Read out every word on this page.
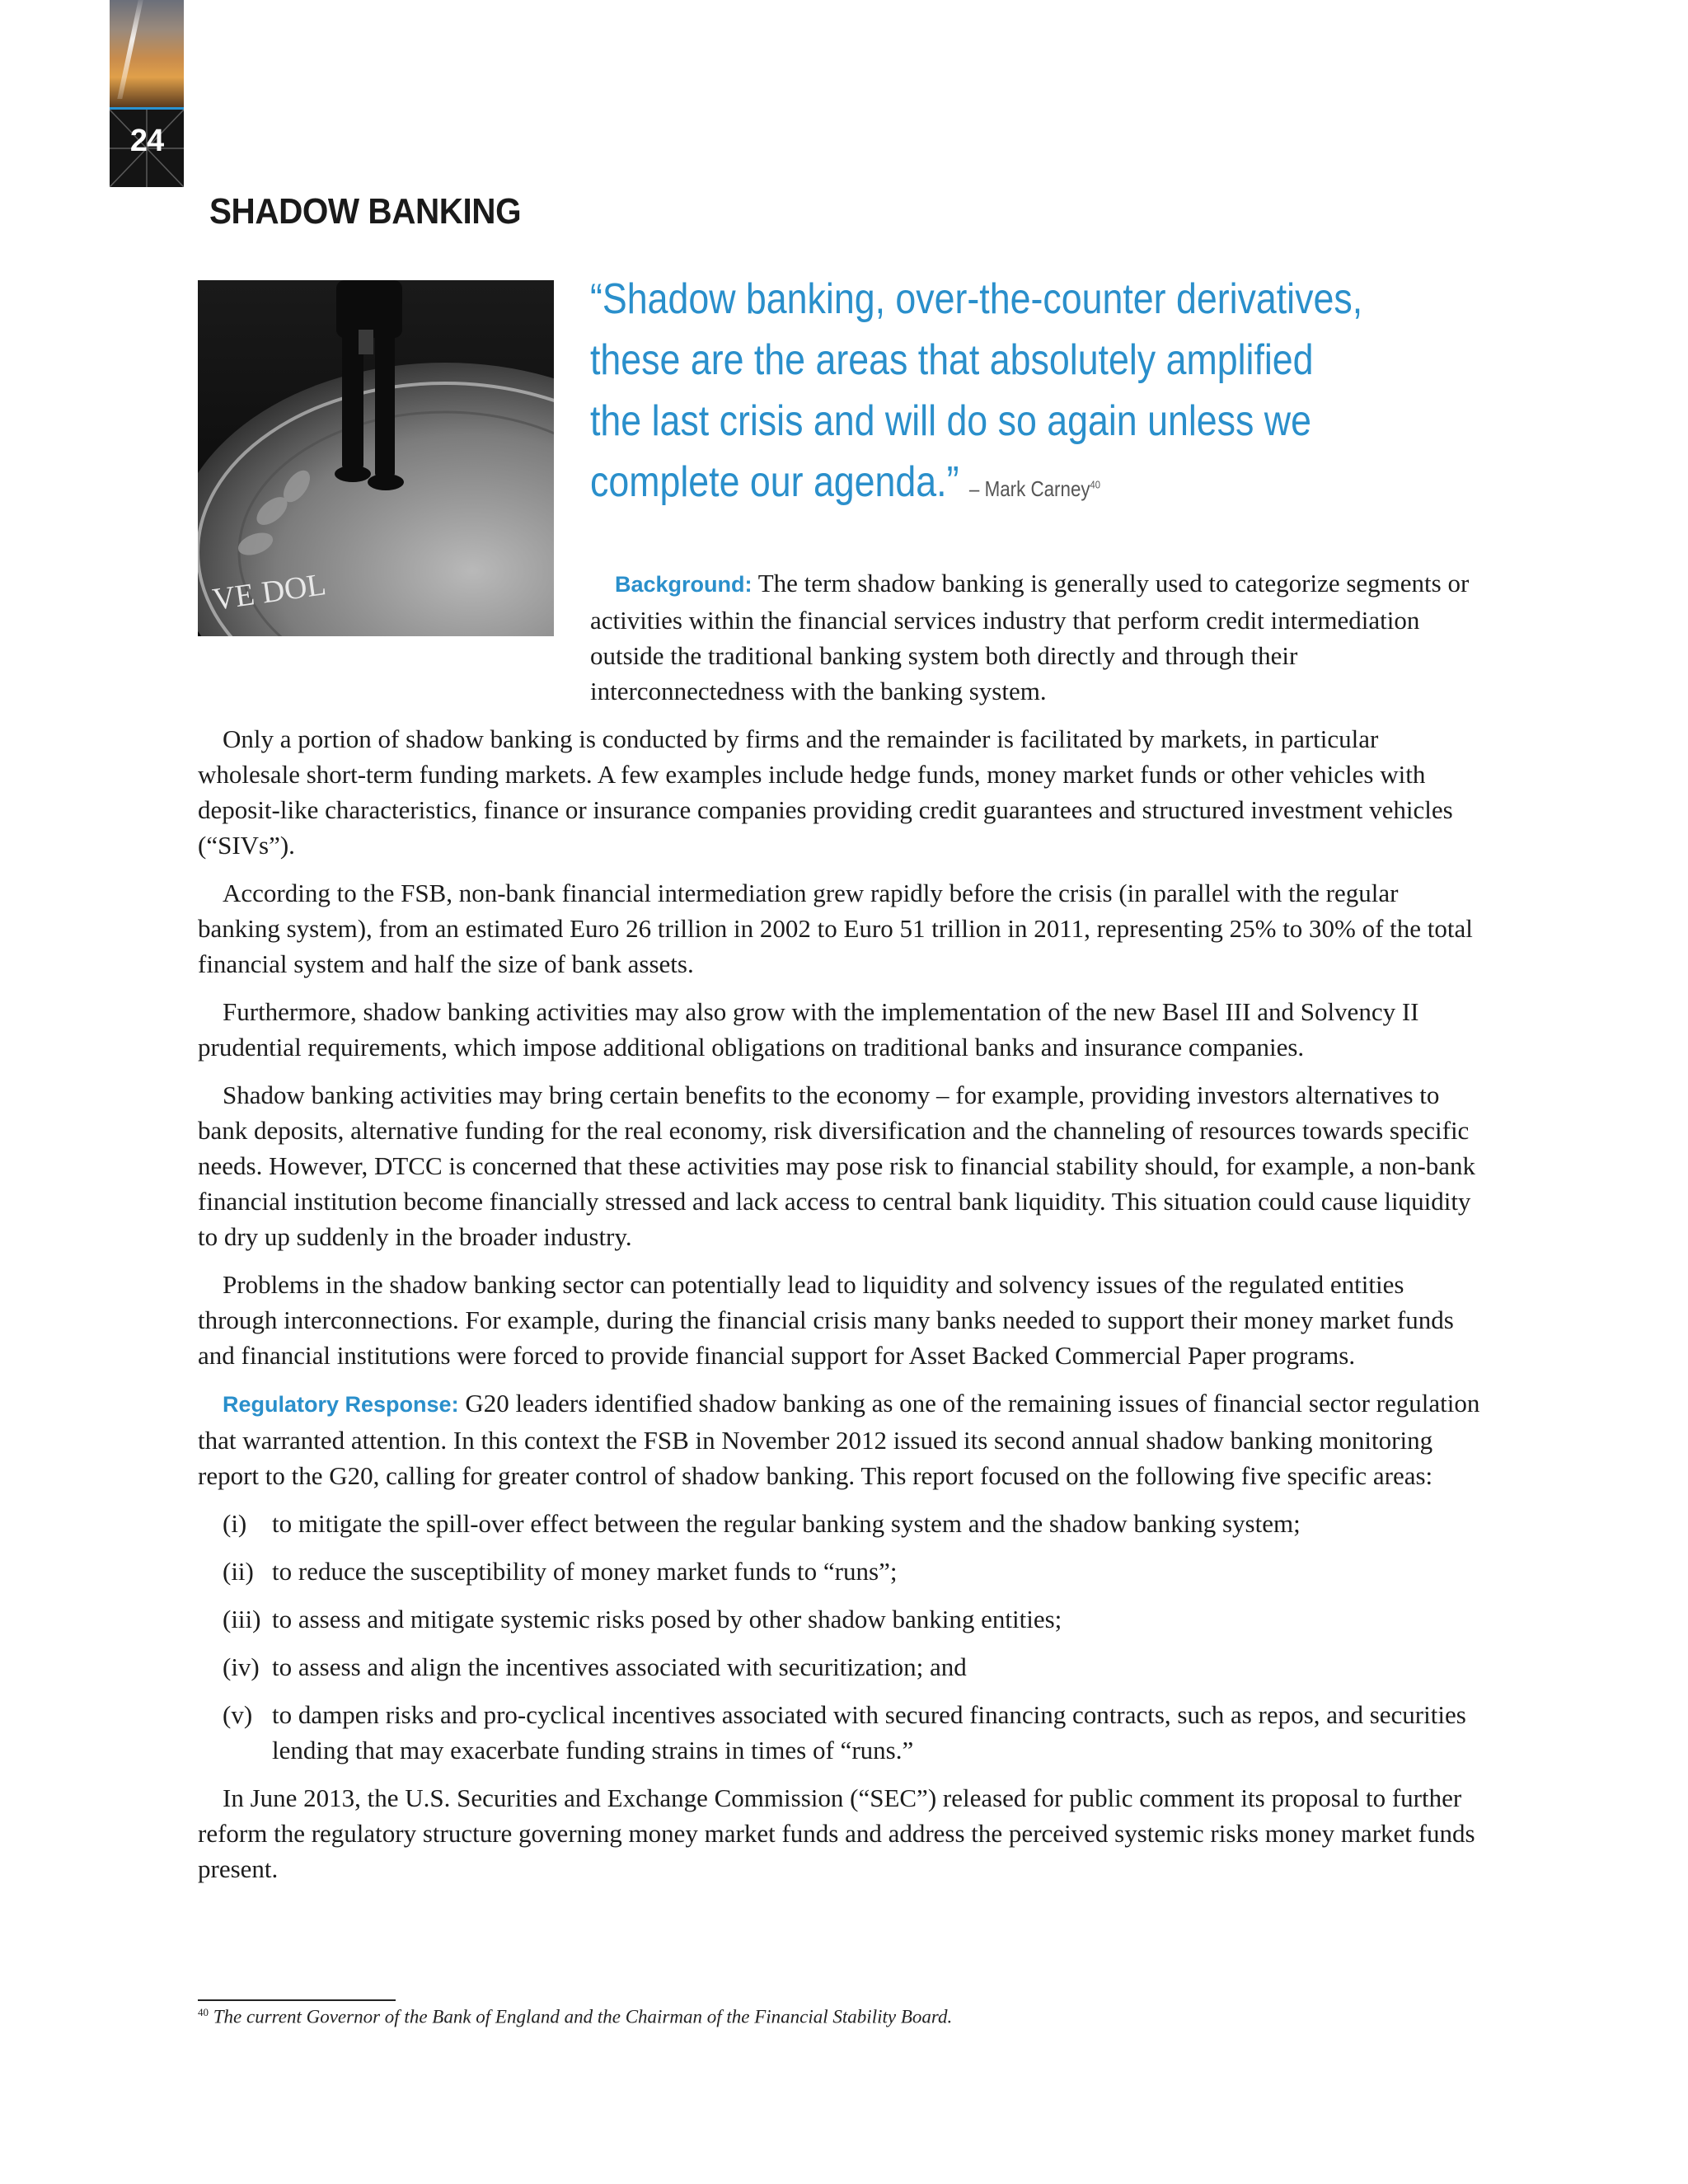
24
SHADOW BANKING
VE DOL

“Shadow banking, over-the-counter derivatives, these are the areas that absolutely amplified the last crisis and will do so again unless we complete our agenda.” – Mark Carney$^{40}$

Background: The term shadow banking is generally used to categorize segments or activities within the financial services industry that perform credit intermediation outside the traditional banking system both directly and through their interconnectedness with the banking system.

Only a portion of shadow banking is conducted by firms and the remainder is facilitated by markets, in particular wholesale short-term funding markets. A few examples include hedge funds, money market funds or other vehicles with deposit-like characteristics, finance or insurance companies providing credit guarantees and structured investment vehicles (“SIVs”).

According to the FSB, non-bank financial intermediation grew rapidly before the crisis (in parallel with the regular banking system), from an estimated Euro 26 trillion in 2002 to Euro 51 trillion in 2011, representing 25% to 30% of the total financial system and half the size of bank assets.

Furthermore, shadow banking activities may also grow with the implementation of the new Basel III and Solvency II prudential requirements, which impose additional obligations on traditional banks and insurance companies.

Shadow banking activities may bring certain benefits to the economy – for example, providing investors alternatives to bank deposits, alternative funding for the real economy, risk diversification and the channeling of resources towards specific needs. However, DTCC is concerned that these activities may pose risk to financial stability should, for example, a non-bank financial institution become financially stressed and lack access to central bank liquidity. This situation could cause liquidity to dry up suddenly in the broader industry.

Problems in the shadow banking sector can potentially lead to liquidity and solvency issues of the regulated entities through interconnections. For example, during the financial crisis many banks needed to support their money market funds and financial institutions were forced to provide financial support for Asset Backed Commercial Paper programs.

Regulatory Response: G20 leaders identified shadow banking as one of the remaining issues of financial sector regulation that warranted attention. In this context the FSB in November 2012 issued its second annual shadow banking monitoring report to the G20, calling for greater control of shadow banking. This report focused on the following five specific areas:

(i) to mitigate the spill-over effect between the regular banking system and the shadow banking system;
(ii) to reduce the susceptibility of money market funds to “runs”;
(iii) to assess and mitigate systemic risks posed by other shadow banking entities;
(iv) to assess and align the incentives associated with securitization; and
(v) to dampen risks and pro-cyclical incentives associated with secured financing contracts, such as repos, and securities lending that may exacerbate funding strains in times of “runs.”

In June 2013, the U.S. Securities and Exchange Commission (“SEC”) released for public comment its proposal to further reform the regulatory structure governing money market funds and address the perceived systemic risks money market funds present.

$^{40}$ The current Governor of the Bank of England and the Chairman of the Financial Stability Board.
